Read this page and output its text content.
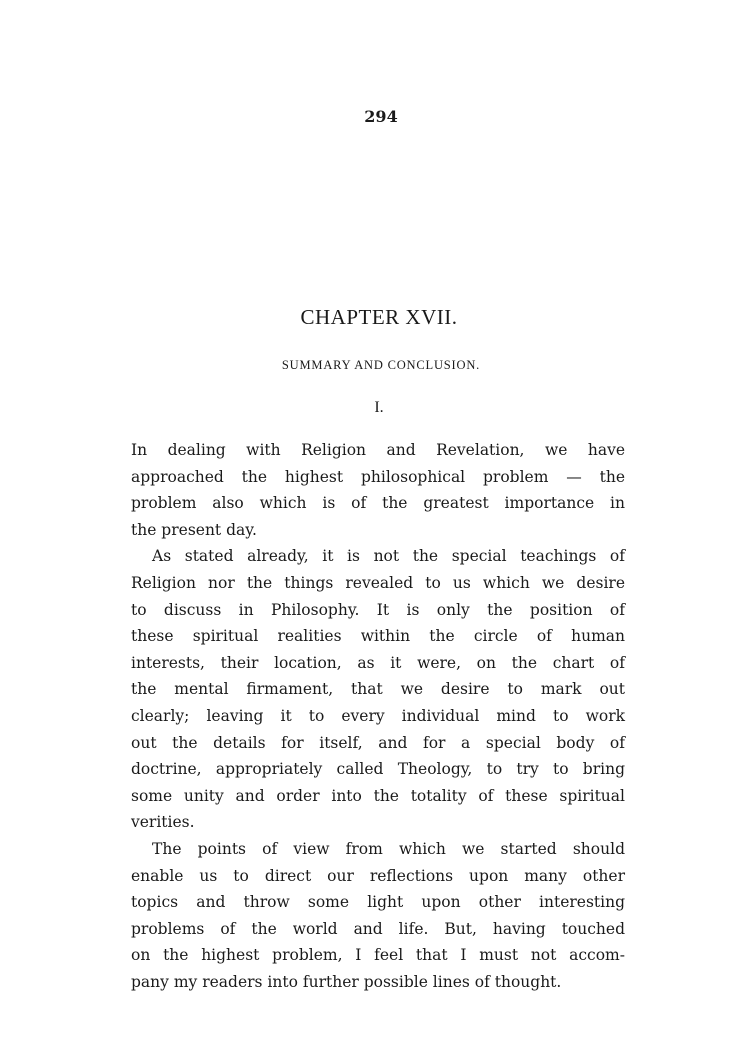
294
CHAPTER XVII.
SUMMARY AND CONCLUSION.
I.
In dealing with Religion and Revelation, we have
approached the highest philosophical problem — the
problem also which is of the greatest importance in
the present day.
As stated already, it is not the special teachings of
Religion nor the things revealed to us which we desire
to discuss in Philosophy. It is only the position of
these spiritual realities within the circle of human
interests, their location, as it were, on the chart of
the mental firmament, that we desire to mark out
clearly; leaving it to every individual mind to work
out the details for itself, and for a special body of
doctrine, appropriately called Theology, to try to bring
some unity and order into the totality of these spiritual
verities.
The points of view from which we started should
enable us to direct our reflections upon many other
topics and throw some light upon other interesting
problems of the world and life. But, having touched
on the highest problem, I feel that I must not accom-
pany my readers into further possible lines of thought.
